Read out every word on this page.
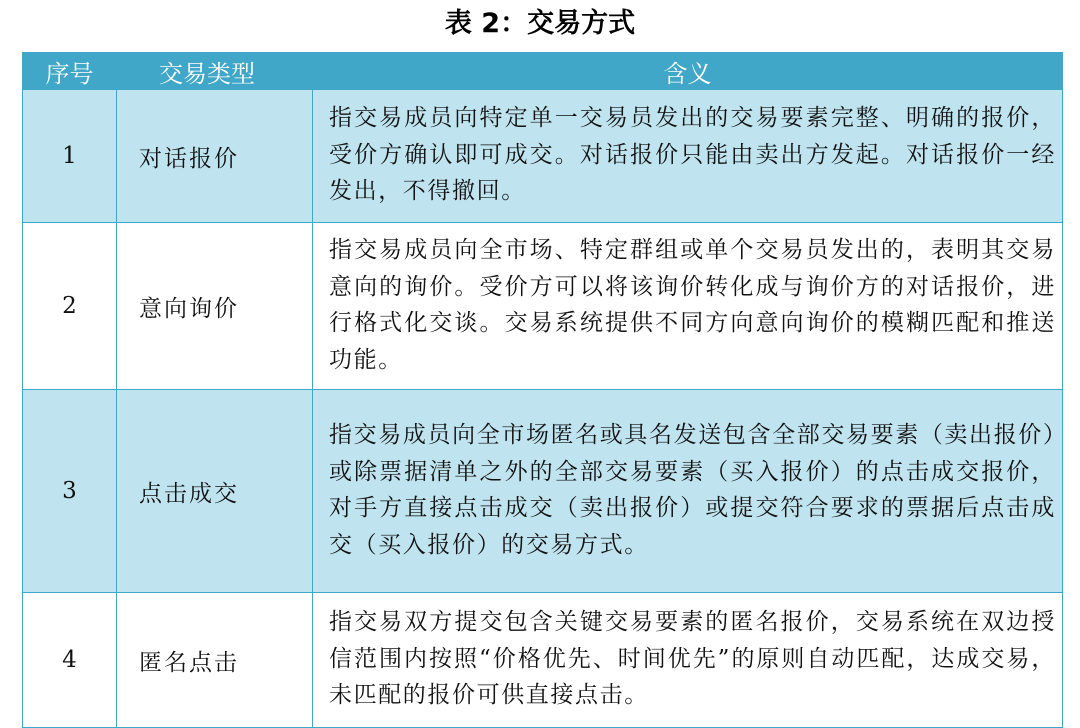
表 2：交易方式
序号	交易类型	含义
1	对话报价	指交易成员向特定单一交易员发出的交易要素完整、明确的报价，受价方确认即可成交。对话报价只能由卖出方发起。对话报价一经发出，不得撤回。
2	意向询价	指交易成员向全市场、特定群组或单个交易员发出的，表明其交易意向的询价。受价方可以将该询价转化成与询价方的对话报价，进行格式化交谈。交易系统提供不同方向意向询价的模糊匹配和推送功能。
3	点击成交	指交易成员向全市场匿名或具名发送包含全部交易要素（卖出报价）或除票据清单之外的全部交易要素（买入报价）的点击成交报价，对手方直接点击成交（卖出报价）或提交符合要求的票据后点击成交（买入报价）的交易方式。
4	匿名点击	指交易双方提交包含关键交易要素的匿名报价，交易系统在双边授信范围内按照“价格优先、时间优先”的原则自动匹配，达成交易，未匹配的报价可供直接点击。
